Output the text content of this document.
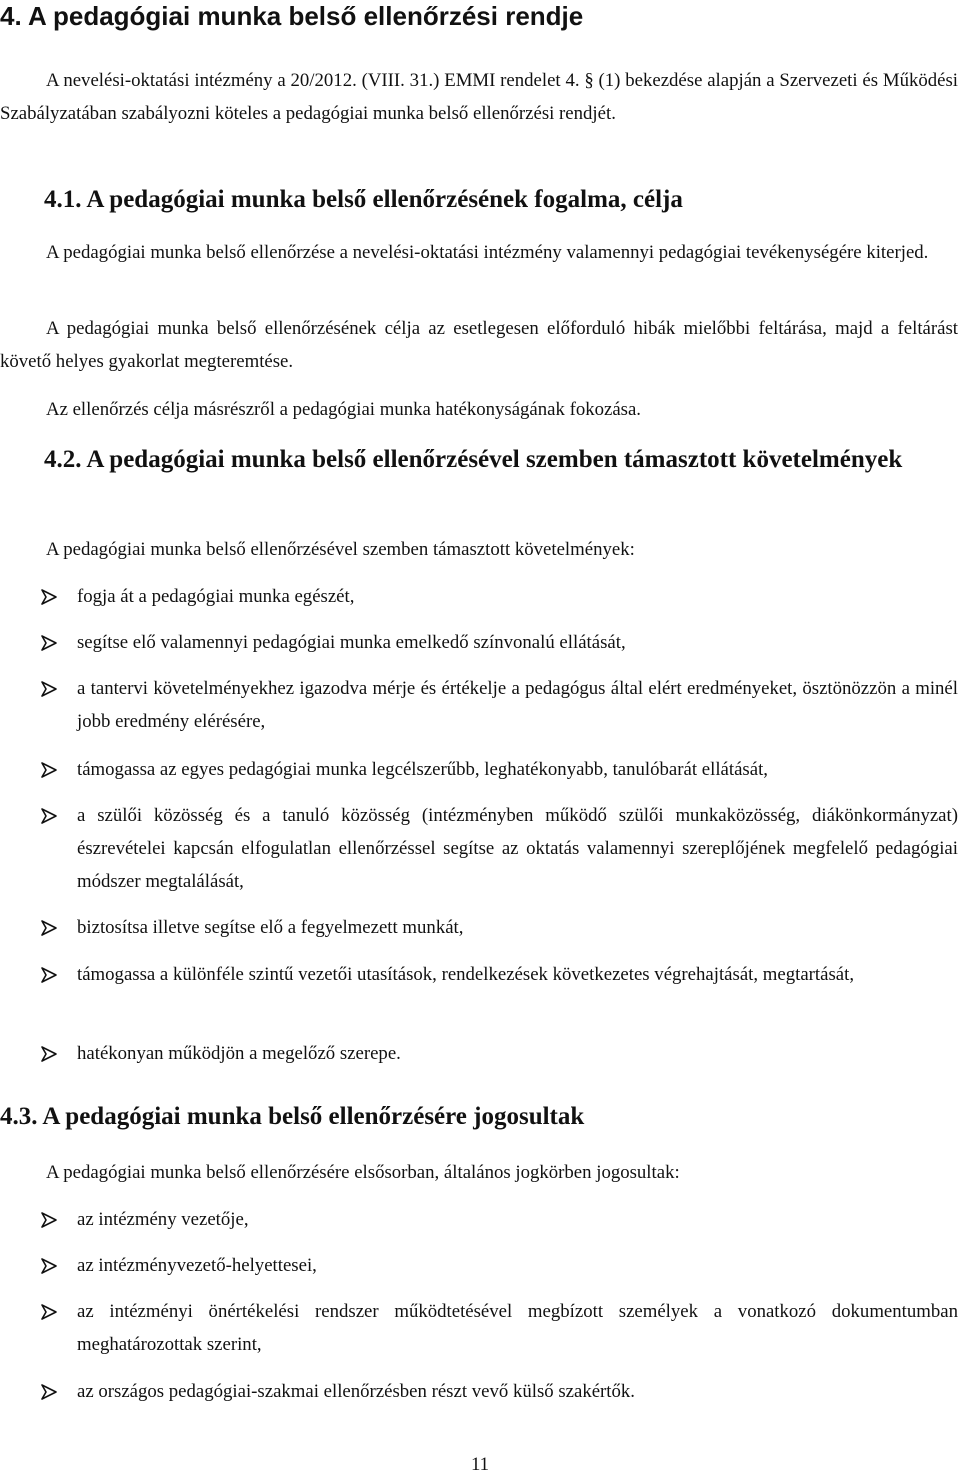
4. A pedagógiai munka belső ellenőrzési rendje
A nevelési-oktatási intézmény a 20/2012. (VIII. 31.) EMMI rendelet 4. § (1) bekezdése alapján a Szervezeti és Működési Szabályzatában szabályozni köteles a pedagógiai munka belső ellenőrzési rendjét.
4.1. A pedagógiai munka belső ellenőrzésének fogalma, célja
A pedagógiai munka belső ellenőrzése a nevelési-oktatási intézmény valamennyi pedagógiai tevékenységére kiterjed.
A pedagógiai munka belső ellenőrzésének célja az esetlegesen előforduló hibák mielőbbi feltárása, majd a feltárást követő helyes gyakorlat megteremtése.
Az ellenőrzés célja másrészről a pedagógiai munka hatékonyságának fokozása.
4.2. A pedagógiai munka belső ellenőrzésével szemben támasztott követelmények
A pedagógiai munka belső ellenőrzésével szemben támasztott követelmények:
fogja át a pedagógiai munka egészét,
segítse elő valamennyi pedagógiai munka emelkedő színvonalú ellátását,
a tantervi követelményekhez igazodva mérje és értékelje a pedagógus által elért eredményeket, ösztönözzön a minél jobb eredmény elérésére,
támogassa az egyes pedagógiai munka legcélszerűbb, leghatékonyabb, tanulóbarát ellátását,
a szülői közösség és a tanuló közösség (intézményben működő szülői munkaközösség, diákönkormányzat) észrevételei kapcsán elfogulatlan ellenőrzéssel segítse az oktatás valamennyi szereplőjének megfelelő pedagógiai módszer megtalálását,
biztosítsa illetve segítse elő a fegyelmezett munkát,
támogassa a különféle szintű vezetői utasítások, rendelkezések következetes végrehajtását, megtartását,
hatékonyan működjön a megelőző szerepe.
4.3. A pedagógiai munka belső ellenőrzésére jogosultak
A pedagógiai munka belső ellenőrzésére elsősorban, általános jogkörben jogosultak:
az intézmény vezetője,
az intézményvezető-helyettesei,
az intézményi önértékelési rendszer működtetésével megbízott személyek a vonatkozó dokumentumban meghatározottak szerint,
az országos pedagógiai-szakmai ellenőrzésben részt vevő külső szakértők.
11
